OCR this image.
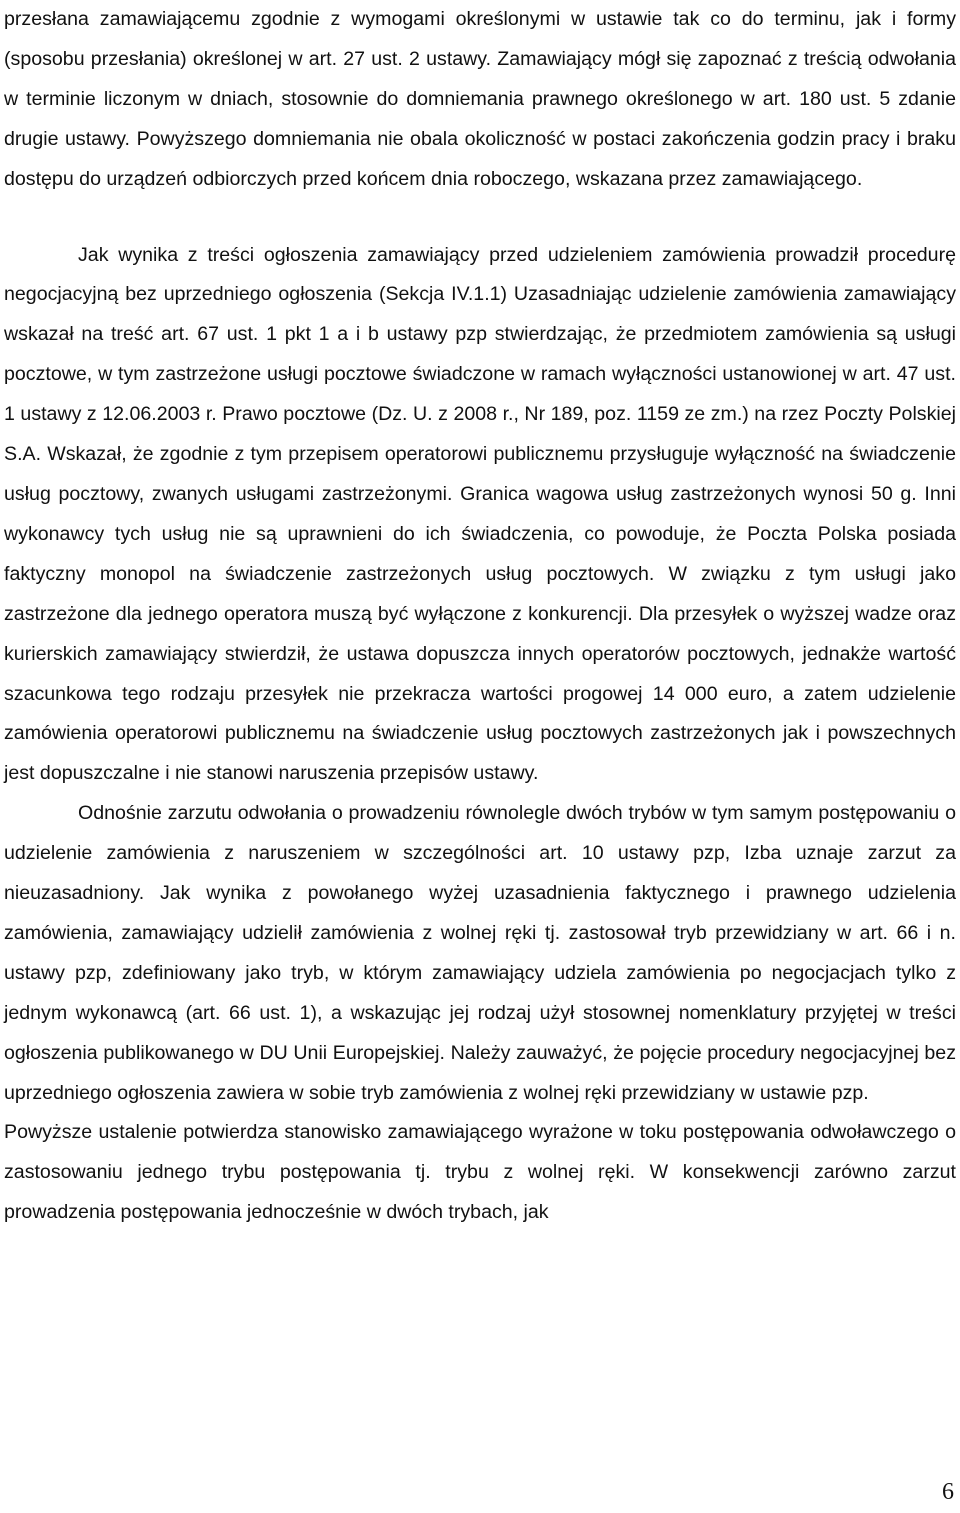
przesłana zamawiającemu zgodnie z wymogami określonymi w ustawie tak co do terminu, jak i formy (sposobu przesłania) określonej w art. 27 ust. 2 ustawy. Zamawiający mógł się zapoznać z treścią odwołania w terminie liczonym w dniach, stosownie do domniemania prawnego określonego w art. 180 ust. 5 zdanie drugie ustawy. Powyższego domniemania nie obala okoliczność w postaci zakończenia godzin pracy i braku dostępu do urządzeń odbiorczych przed końcem dnia roboczego, wskazana przez zamawiającego.

Jak wynika z treści ogłoszenia zamawiający przed udzieleniem zamówienia prowadził procedurę negocjacyjną bez uprzedniego ogłoszenia (Sekcja IV.1.1) Uzasadniając udzielenie zamówienia zamawiający wskazał na treść art. 67 ust. 1 pkt 1 a i b ustawy pzp stwierdzając, że przedmiotem zamówienia są usługi pocztowe, w tym zastrzeżone usługi pocztowe świadczone w ramach wyłączności ustanowionej w art. 47 ust. 1 ustawy z 12.06.2003 r. Prawo pocztowe (Dz. U. z 2008 r., Nr 189, poz. 1159 ze zm.) na rzez Poczty Polskiej S.A. Wskazał, że zgodnie z tym przepisem operatorowi publicznemu przysługuje wyłączność na świadczenie usług pocztowy, zwanych usługami zastrzeżonymi. Granica wagowa usług zastrzeżonych wynosi 50 g. Inni wykonawcy tych usług nie są uprawnieni do ich świadczenia, co powoduje, że Poczta Polska posiada faktyczny monopol na świadczenie zastrzeżonych usług pocztowych. W związku z tym usługi jako zastrzeżone dla jednego operatora muszą być wyłączone z konkurencji. Dla przesyłek o wyższej wadze oraz kurierskich zamawiający stwierdził, że ustawa dopuszcza innych operatorów pocztowych, jednakże wartość szacunkowa tego rodzaju przesyłek nie przekracza wartości progowej 14 000 euro, a zatem udzielenie zamówienia operatorowi publicznemu na świadczenie usług pocztowych zastrzeżonych jak i powszechnych jest dopuszczalne i nie stanowi naruszenia przepisów ustawy.

Odnośnie zarzutu odwołania o prowadzeniu równolegle dwóch trybów w tym samym postępowaniu o udzielenie zamówienia z naruszeniem w szczególności art. 10 ustawy pzp, Izba uznaje zarzut za nieuzasadniony. Jak wynika z powołanego wyżej uzasadnienia faktycznego i prawnego udzielenia zamówienia, zamawiający udzielił zamówienia z wolnej ręki tj. zastosował tryb przewidziany w art. 66 i n. ustawy pzp, zdefiniowany jako tryb, w którym zamawiający udziela zamówienia po negocjacjach tylko z jednym wykonawcą (art. 66 ust. 1), a wskazując jej rodzaj użył stosownej nomenklatury przyjętej w treści ogłoszenia publikowanego w DU Unii Europejskiej. Należy zauważyć, że pojęcie procedury negocjacyjnej bez uprzedniego ogłoszenia zawiera w sobie tryb zamówienia z wolnej ręki przewidziany w ustawie pzp.

Powyższe ustalenie potwierdza stanowisko zamawiającego wyrażone w toku postępowania odwoławczego o zastosowaniu jednego trybu postępowania tj. trybu z wolnej ręki. W konsekwencji zarówno zarzut prowadzenia postępowania jednocześnie w dwóch trybach, jak

6
